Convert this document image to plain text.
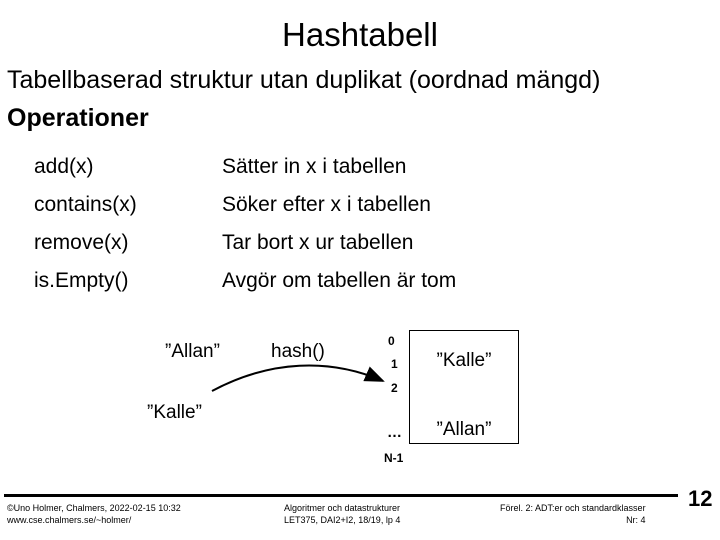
Hashtabell
Tabellbaserad struktur utan duplikat (oordnad mängd)
Operationer
add(x)
contains(x)
remove(x)
is.Empty()
Sätter in x i tabellen
Söker efter x i tabellen
Tar bort x ur tabellen
Avgör om tabellen är tom
”Allan”
”Kalle”
hash()	0
1
2
…
N-1
”Kalle”
”Allan”
©Uno Holmer, Chalmers, 2022-02-15 10:32
www.cse.chalmers.se/~holmer/
Algoritmer och datastrukturer
LET375, DAI2+I2, 18/19, lp 4
Förel. 2: ADT:er och standardklasser
Nr: 4
12
